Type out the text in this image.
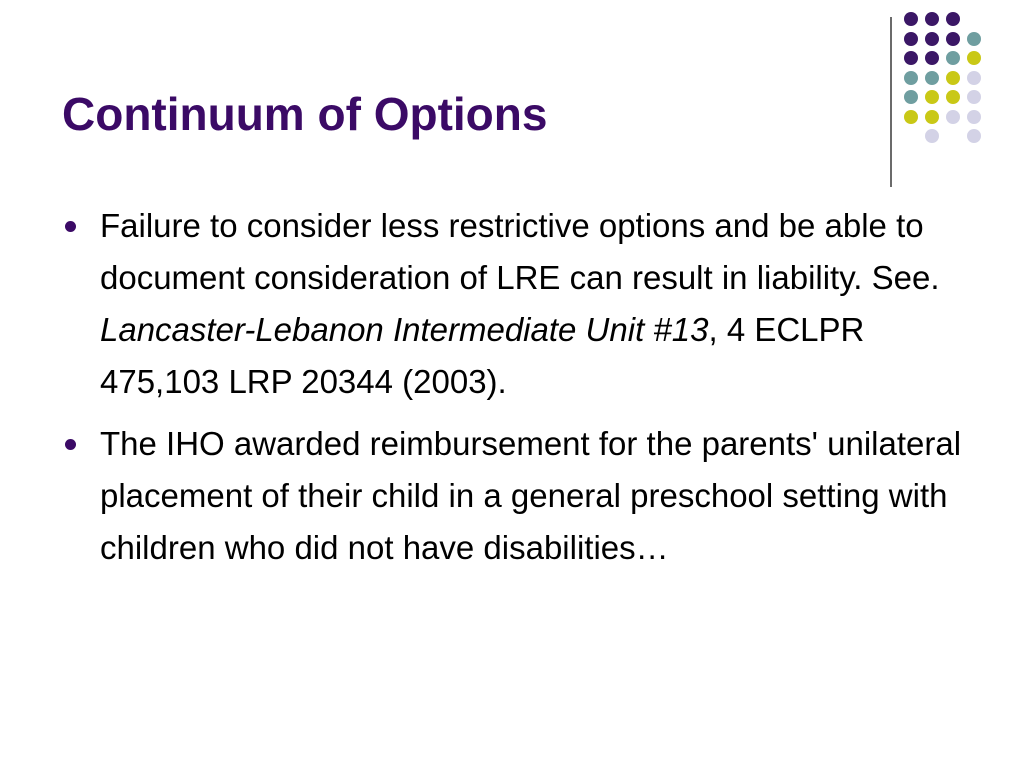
Continuum of Options
Failure to consider less restrictive options and be able to document consideration of LRE can result in liability. See. Lancaster-Lebanon Intermediate Unit #13, 4 ECLPR 475,103 LRP 20344 (2003).
The IHO awarded reimbursement for the parents' unilateral placement of their child in a general preschool setting with children who did not have disabilities…
